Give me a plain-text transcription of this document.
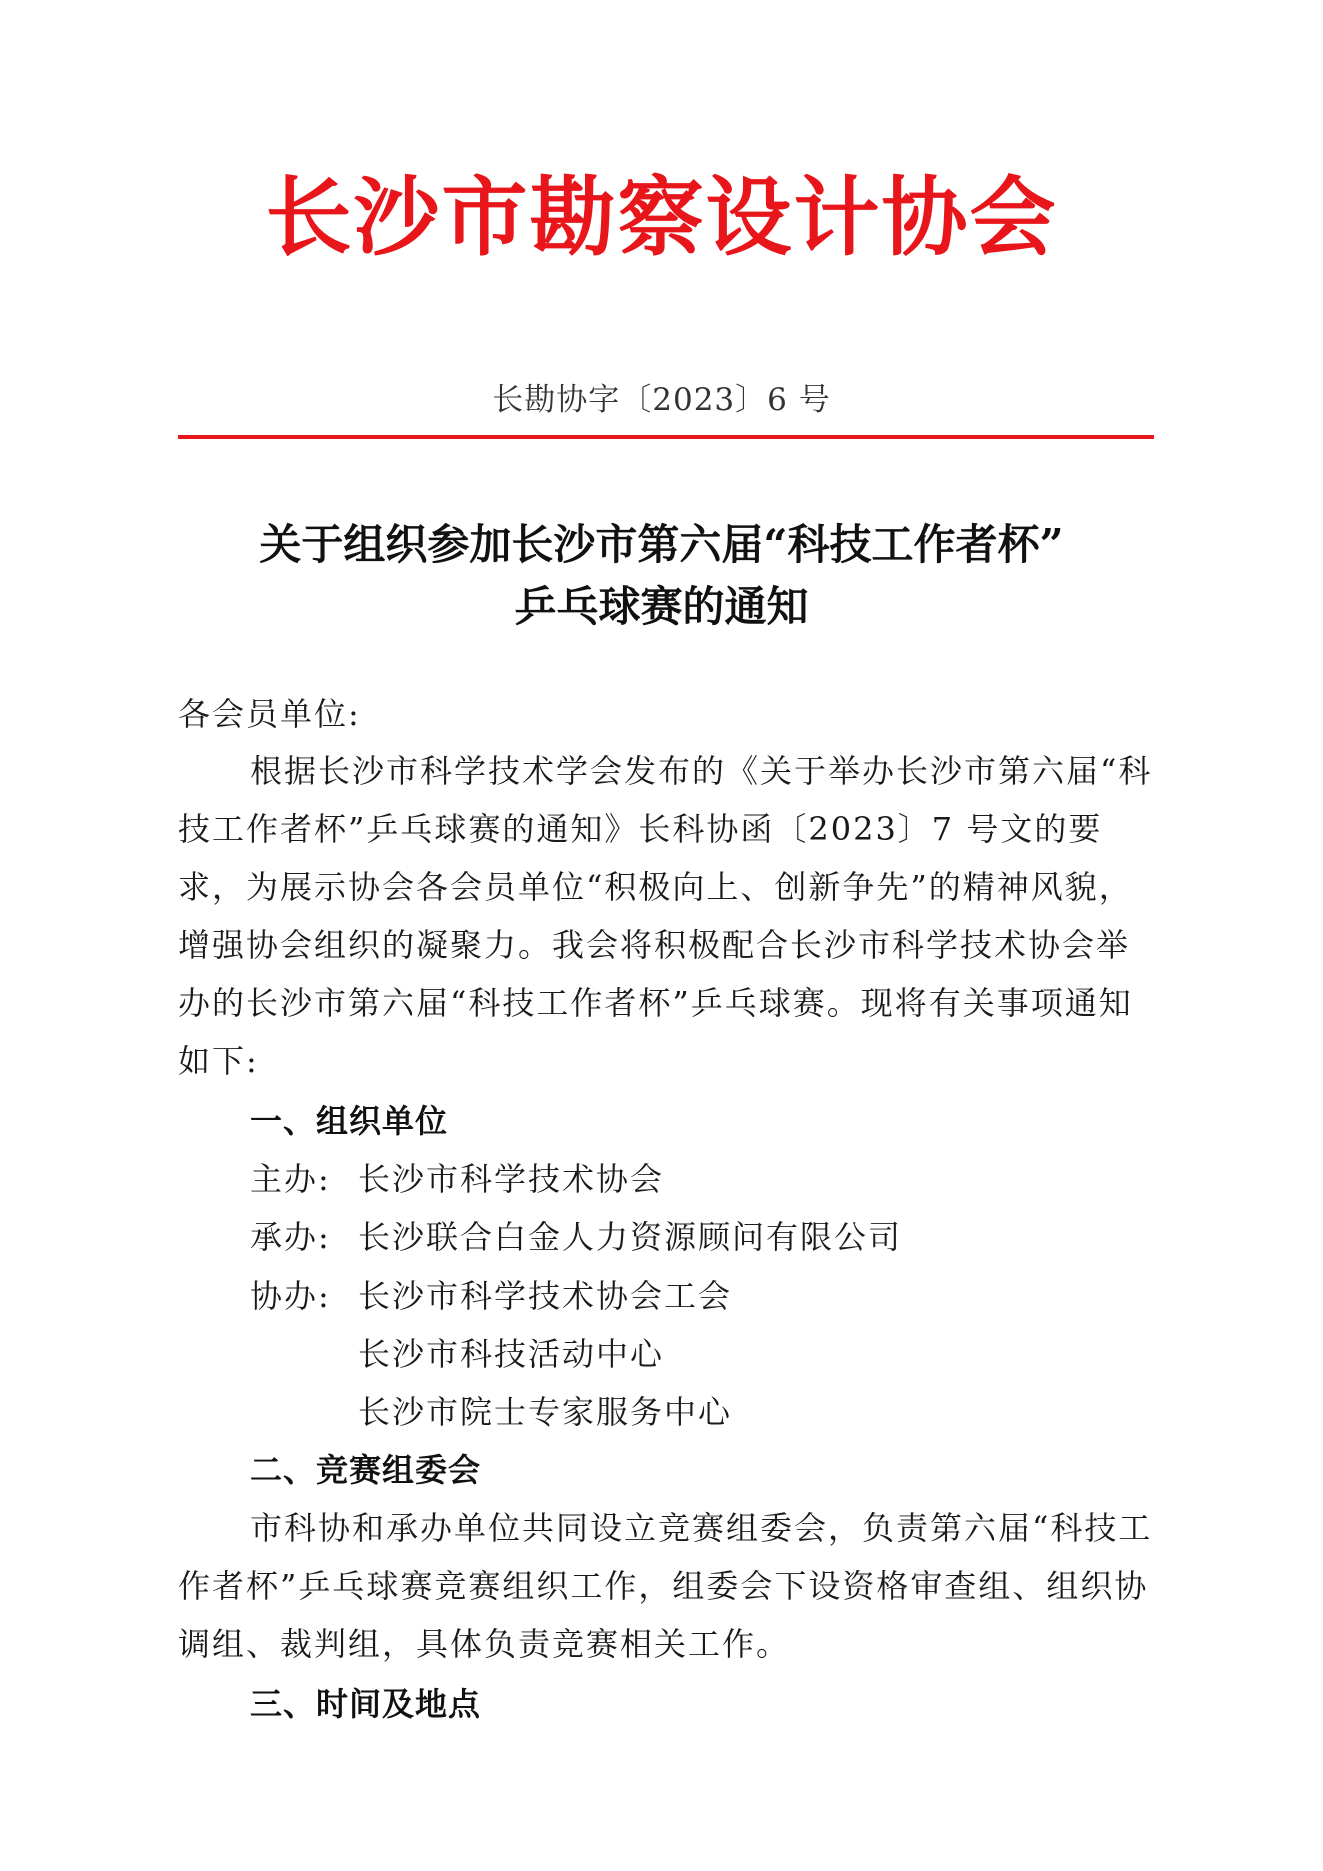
长沙市勘察设计协会
长勘协字〔2023〕6 号
关于组织参加长沙市第六届“科技工作者杯”
乒乓球赛的通知
各会员单位:
根据长沙市科学技术学会发布的《关于举办长沙市第六届“科技工作者杯”乒乓球赛的通知》长科协函〔2023〕7 号文的要求，为展示协会各会员单位“积极向上、创新争先”的精神风貌，增强协会组织的凝聚力。我会将积极配合长沙市科学技术协会举办的长沙市第六届“科技工作者杯”乒乓球赛。现将有关事项通知如下:
一、组织单位
主办: 长沙市科学技术协会
承办: 长沙联合白金人力资源顾问有限公司
协办: 长沙市科学技术协会工会
长沙市科技活动中心
长沙市院士专家服务中心
二、竞赛组委会
市科协和承办单位共同设立竞赛组委会，负责第六届“科技工作者杯”乒乓球赛竞赛组织工作，组委会下设资格审查组、组织协调组、裁判组，具体负责竞赛相关工作。
三、时间及地点
